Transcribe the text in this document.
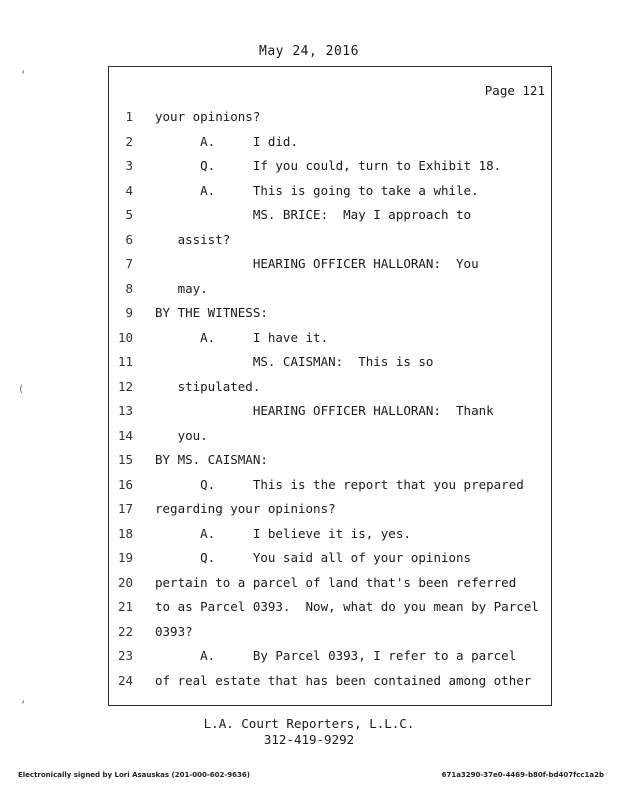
May 24, 2016
Page 121
1 your opinions?
2 A.     I did.
3 Q.     If you could, turn to Exhibit 18.
4 A.     This is going to take a while.
5 MS. BRICE:  May I approach to
6 assist?
7 HEARING OFFICER HALLORAN:  You
8 may.
9 BY THE WITNESS:
10 A.     I have it.
11 MS. CAISMAN:  This is so
12 stipulated.
13 HEARING OFFICER HALLORAN:  Thank
14 you.
15 BY MS. CAISMAN:
16 Q.     This is the report that you prepared
17 regarding your opinions?
18 A.     I believe it is, yes.
19 Q.     You said all of your opinions
20 pertain to a parcel of land that's been referred
21 to as Parcel 0393.  Now, what do you mean by Parcel
22 0393?
23 A.     By Parcel 0393, I refer to a parcel
24 of real estate that has been contained among other
L.A. Court Reporters, L.L.C.
312-419-9292
Electronically signed by Lori Asauskas (201-000-602-9636)	671a3290-37e0-4469-b80f-bd407fcc1a2b
‘
(
‘
